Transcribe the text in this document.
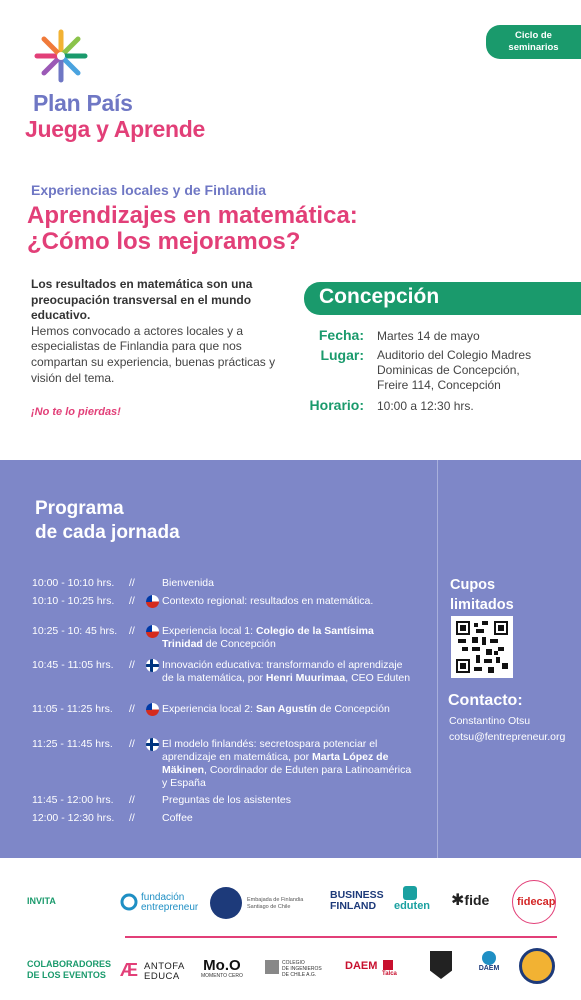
Plan País
Juega y Aprende
Ciclo de
seminarios
Experiencias locales y de Finlandia
Aprendizajes en matemática:
¿Cómo los mejoramos?
Los resultados en matemática son una preocupación transversal en el mundo educativo.
Hemos convocado a actores locales y a especialistas de Finlandia para que nos compartan su experiencia, buenas prácticas y visión del tema.
¡No te lo pierdas!
Concepción
Fecha: Martes 14 de mayo
Lugar: Auditorio del Colegio Madres Dominicas de Concepción, Freire 114, Concepción
Horario: 10:00 a 12:30 hrs.
Programa
de cada jornada
10:00 - 10:10 hrs.	//	Bienvenida
10:10 - 10:25 hrs.	//	Contexto regional: resultados en matemática.
10:25 - 10: 45 hrs.	//	Experiencia local 1: Colegio de la Santísima Trinidad de Concepción
10:45 - 11:05 hrs.	//	Innovación educativa: transformando el aprendizaje de la matemática, por Henri Muurimaa, CEO Eduten
11:05 - 11:25 hrs.	//	Experiencia local 2: San Agustín de Concepción
11:25 - 11:45 hrs.	//	El modelo finlandés: secretospara potenciar el aprendizaje en matemática, por Marta López de Mäkinen, Coordinador de Eduten para Latinoamérica y España
11:45 - 12:00 hrs.	//	Preguntas de los asistentes
12:00 - 12:30 hrs.	//	Coffee
Cupos
limitados
Contacto:
Constantino Otsu
cotsu@fentrepreneur.org
INVITA	fundación
entrepreneur
Embajada de Finlandia
Santiago de Chile
BUSINESS
FINLAND	eduten ✱fide	fidecap
COLABORADORES
DE LOS EVENTOS Æ ANTOFA
EDUCA
Mo.O
MOMENTO CERO
COLEGIO
DE INGENIEROS
DE CHILE A.G.
DAEM
Talca
DAEM
